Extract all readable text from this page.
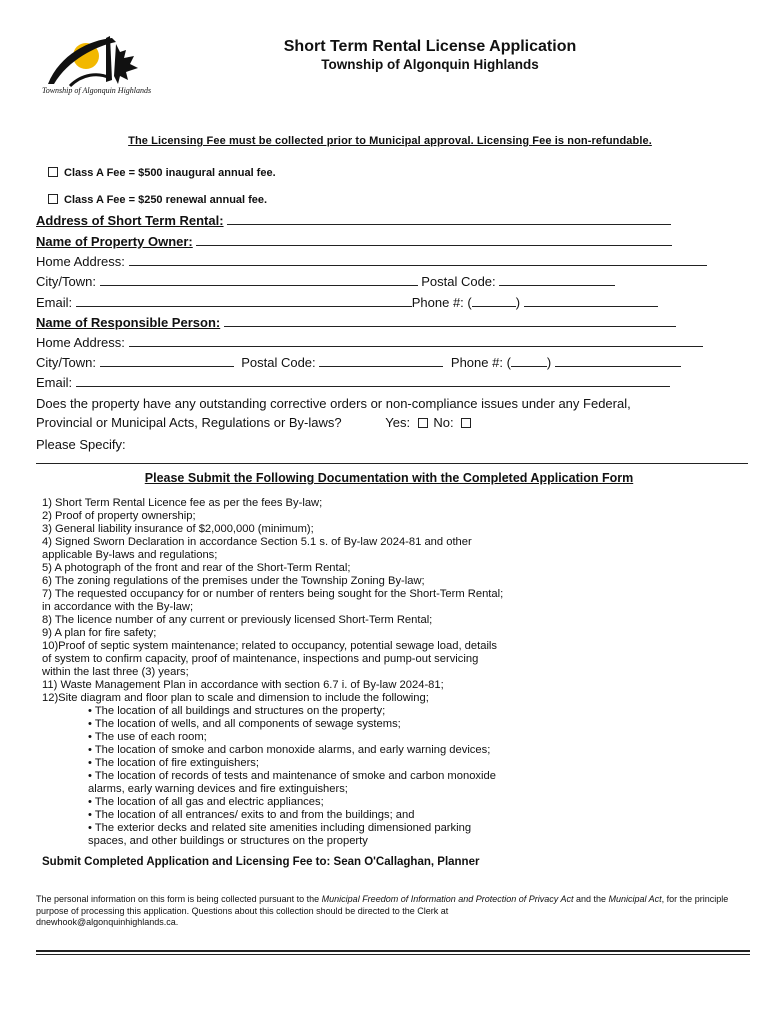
Township of Algonquin Highlands
Short Term Rental License Application
Township of Algonquin Highlands
The Licensing Fee must be collected prior to Municipal approval. Licensing Fee is non-refundable.
Class A Fee = $500 inaugural annual fee.
Class A Fee = $250 renewal annual fee.
Address of Short Term Rental:
Name of Property Owner:
Home Address:
City/Town:	Postal Code:
Email:	Phone #: (	)
Name of Responsible Person:
Home Address:
City/Town:	Postal Code:	Phone #: (	)
Email:
Does the property have any outstanding corrective orders or non-compliance issues under any Federal,
Provincial or Municipal Acts, Regulations or By-laws?	Yes: No:
Please Specify:
Please Submit the Following Documentation with the Completed Application Form
1) Short Term Rental Licence fee as per the fees By-law;
2) Proof of property ownership;
3) General liability insurance of $2,000,000 (minimum);
4) Signed Sworn Declaration in accordance Section 5.1 s. of By-law 2024-81 and other
applicable By-laws and regulations;
5) A photograph of the front and rear of the Short-Term Rental;
6) The zoning regulations of the premises under the Township Zoning By-law;
7) The requested occupancy for or number of renters being sought for the Short-Term Rental;
in accordance with the By-law;
8) The licence number of any current or previously licensed Short-Term Rental;
9) A plan for fire safety;
10)Proof of septic system maintenance; related to occupancy, potential sewage load, details
of system to confirm capacity, proof of maintenance, inspections and pump-out servicing
within the last three (3) years;
11) Waste Management Plan in accordance with section 6.7 i. of By-law 2024-81;
12)Site diagram and floor plan to scale and dimension to include the following;
• The location of all buildings and structures on the property;
• The location of wells, and all components of sewage systems;
• The use of each room;
• The location of smoke and carbon monoxide alarms, and early warning devices;
• The location of fire extinguishers;
• The location of records of tests and maintenance of smoke and carbon monoxide
alarms, early warning devices and fire extinguishers;
• The location of all gas and electric appliances;
• The location of all entrances/ exits to and from the buildings; and
• The exterior decks and related site amenities including dimensioned parking
spaces, and other buildings or structures on the property
Submit Completed Application and Licensing Fee to: Sean O'Callaghan, Planner
The personal information on this form is being collected pursuant to the Municipal Freedom of Information and Protection of Privacy Act and the Municipal Act, for the principle purpose of processing this application. Questions about this collection should be directed to the Clerk at
dnewhook@algonquinhighlands.ca.
